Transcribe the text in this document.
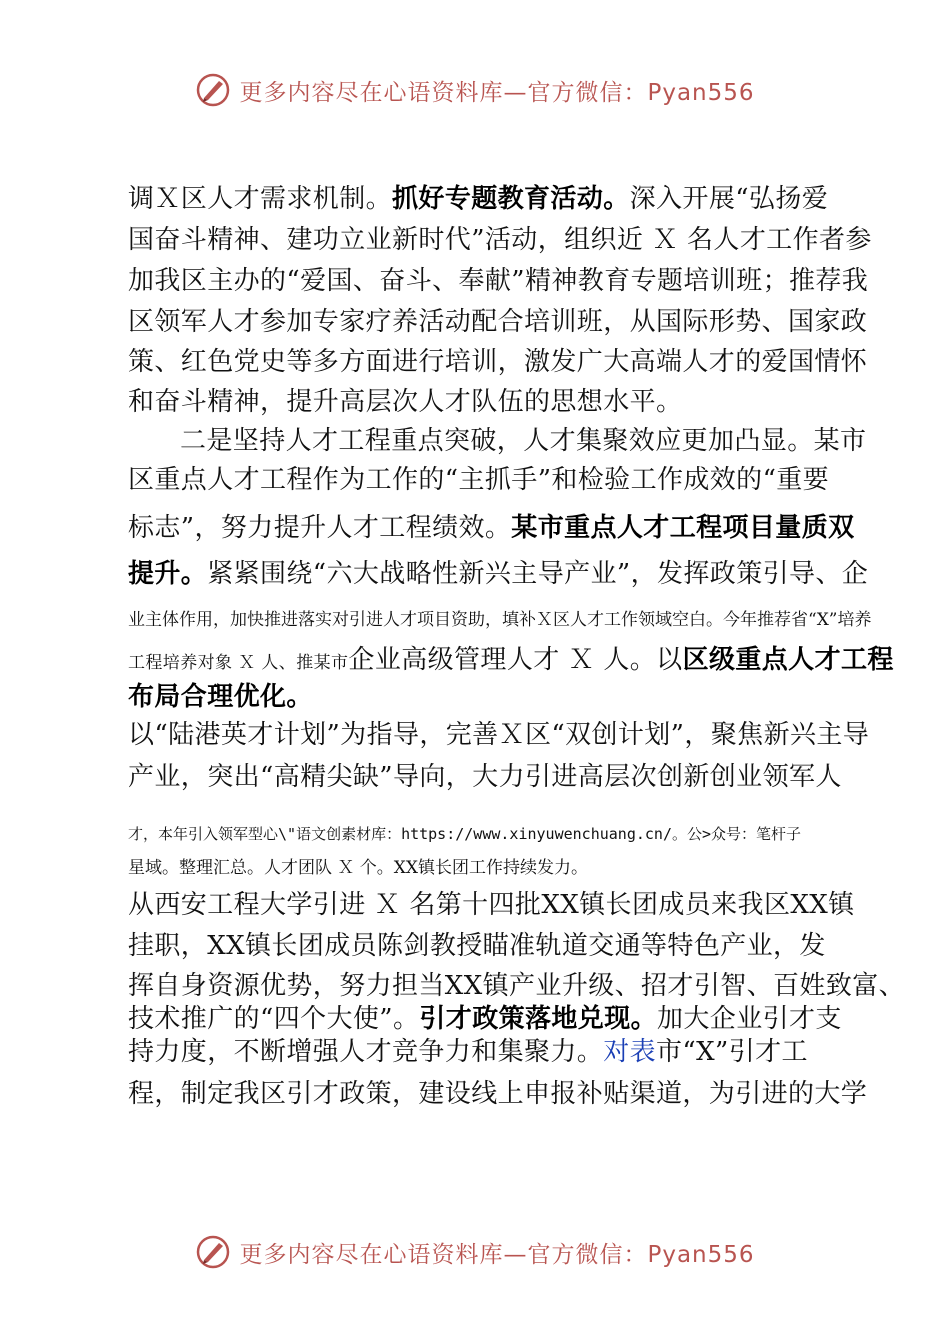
更多内容尽在心语资料库—官方微信：Pyan556
调Ｘ区人才需求机制。抓好专题教育活动。深入开展“弘扬爱
国奋斗精神、建功立业新时代”活动，组织近 Ｘ 名人才工作者参
加我区主办的“爱国、奋斗、奉献”精神教育专题培训班；推荐我
区领军人才参加专家疗养活动配合培训班，从国际形势、国家政
策、红色党史等多方面进行培训，激发广大高端人才的爱国情怀
和奋斗精神，提升高层次人才队伍的思想水平。
二是坚持人才工程重点突破，人才集聚效应更加凸显。某市
区重点人才工程作为工作的“主抓手”和检验工作成效的“重要
标志”，努力提升人才工程绩效。某市重点人才工程项目量质双
提升。紧紧围绕“六大战略性新兴主导产业”，发挥政策引导、企
业主体作用，加快推进落实对引进人才项目资助，填补Ｘ区人才工作领域空白。今年推荐省“X”培养
工程培养对象 Ｘ 人、推某市企业高级管理人才 Ｘ 人。以区级重点人才工程
布局合理优化。
以“陆港英才计划”为指导，完善Ｘ区“双创计划”，聚焦新兴主导
产业，突出“高精尖缺”导向，大力引进高层次创新创业领军人
才，本年引入领军型心\"语文创素材库：https://www.xinyuwenchuang.cn/。公>众号：笔杆子
星域。整理汇总。人才团队 Ｘ 个。XX镇长团工作持续发力。
从西安工程大学引进 Ｘ 名第十四批XX镇长团成员来我区XX镇
挂职，XX镇长团成员陈剑教授瞄准轨道交通等特色产业，发
挥自身资源优势，努力担当XX镇产业升级、招才引智、百姓致富、
技术推广的“四个大使”。引才政策落地兑现。加大企业引才支
持力度，不断增强人才竞争力和集聚力。对表市“X”引才工
程，制定我区引才政策，建设线上申报补贴渠道，为引进的大学
更多内容尽在心语资料库—官方微信：Pyan556
